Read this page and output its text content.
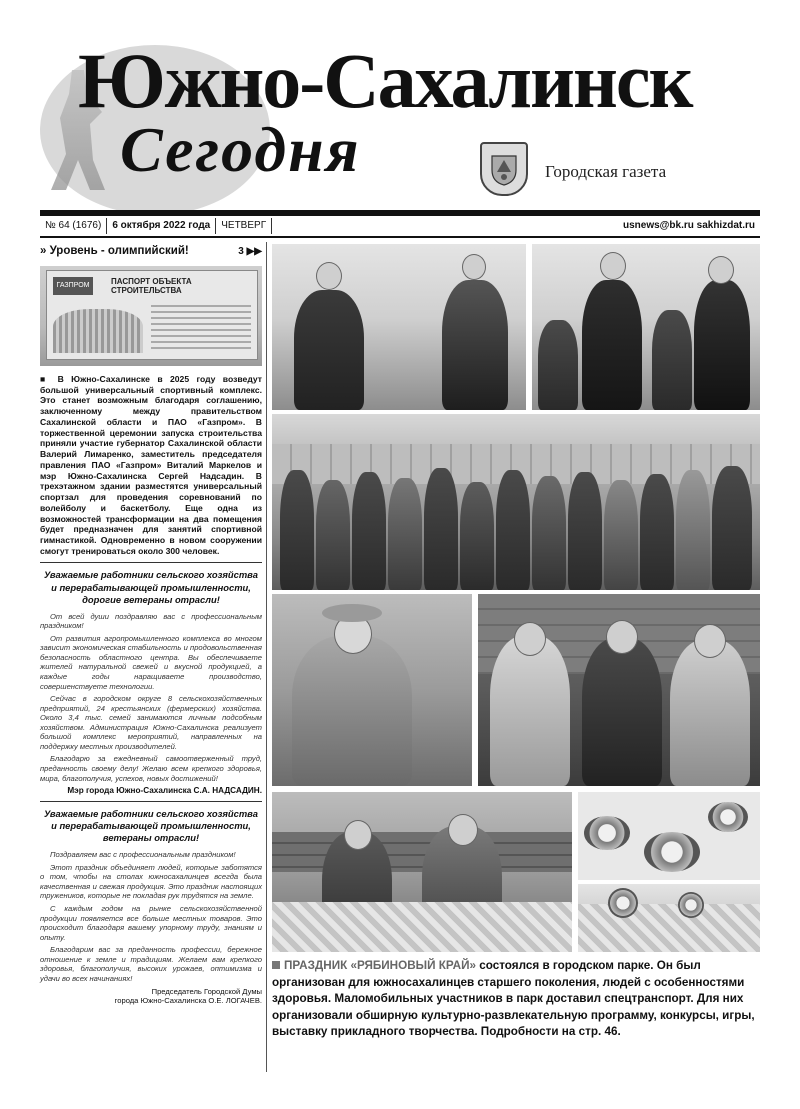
Южно-Сахалинск
Сегодня	Городская газета
№ 64 (1676)	6 октября 2022 года	ЧЕТВЕРГ	usnews@bk.ru sakhizdat.ru
» Уровень - олимпийский!	3 ▶▶
ГАЗПРОМ	ПАСПОРТ ОБЪЕКТА СТРОИТЕЛЬСТВА
■ В Южно-Сахалинске в 2025 году возведут большой универсальный спортивный комплекс. Это станет возможным благодаря соглашению, заключенному между правительством Сахалинской области и ПАО «Газпром». В торжественной церемонии запуска строительства приняли участие губернатор Сахалинской области Валерий Лимаренко, заместитель председателя правления ПАО «Газпром» Виталий Маркелов и мэр Южно-Сахалинска Сергей Надсадин. В трехэтажном здании разместятся универсальный спортзал для проведения соревнований по волейболу и баскетболу. Еще одна из возможностей трансформации на два помещения будет предназначен для занятий спортивной гимнастикой. Одновременно в новом сооружении смогут тренироваться около 300 человек.
Уважаемые работники сельского хозяйства и перерабатывающей промышленности, дорогие ветераны отрасли!

От всей души поздравляю вас с профессиональным праздником!

От развития агропромышленного комплекса во многом зависит экономическая стабильность и продовольственная безопасность областного центра. Вы обеспечиваете жителей натуральной свежей и вкусной продукцией, а каждые годы наращиваете производство, совершенствуете технологии.

Сейчас в городском округе 8 сельскохозяйственных предприятий, 24 крестьянских (фермерских) хозяйства. Около 3,4 тыс. семей занимаются личным подсобным хозяйством. Администрация Южно-Сахалинска реализует большой комплекс мероприятий, направленных на поддержку местных производителей.

Благодарю за ежедневный самоотверженный труд, преданность своему делу! Желаю всем крепкого здоровья, мира, благополучия, успехов, новых достижений!

Мэр города Южно-Сахалинска С.А. НАДСАДИН.
Уважаемые работники сельского хозяйства и перерабатывающей промышленности, ветераны отрасли!

Поздравляем вас с профессиональным праздником!

Этот праздник объединяет людей, которые заботятся о том, чтобы на столах южносахалинцев всегда была качественная и свежая продукция. Это праздник настоящих тружеников, которые не покладая рук трудятся на земле.

С каждым годом на рынке сельскохозяйственной продукции появляется все больше местных товаров. Это происходит благодаря вашему упорному труду, знаниям и опыту.

Благодарим вас за преданность профессии, бережное отношение к земле и традициям. Желаем вам крепкого здоровья, благополучия, высоких урожаев, оптимизма и удачи во всех начинаниях!

Председатель Городской Думы
города Южно-Сахалинска О.Е. ЛОГАЧЕВ.
ПРАЗДНИК «РЯБИНОВЫЙ КРАЙ» состоялся в городском парке. Он был организован для южносахалинцев старшего поколения, людей с особенностями здоровья. Маломобильных участников в парк доставил спецтранспорт. Для них организовали обширную культурно-развлекательную программу, конкурсы, игры, выставку прикладного творчества. Подробности на стр. 46.
